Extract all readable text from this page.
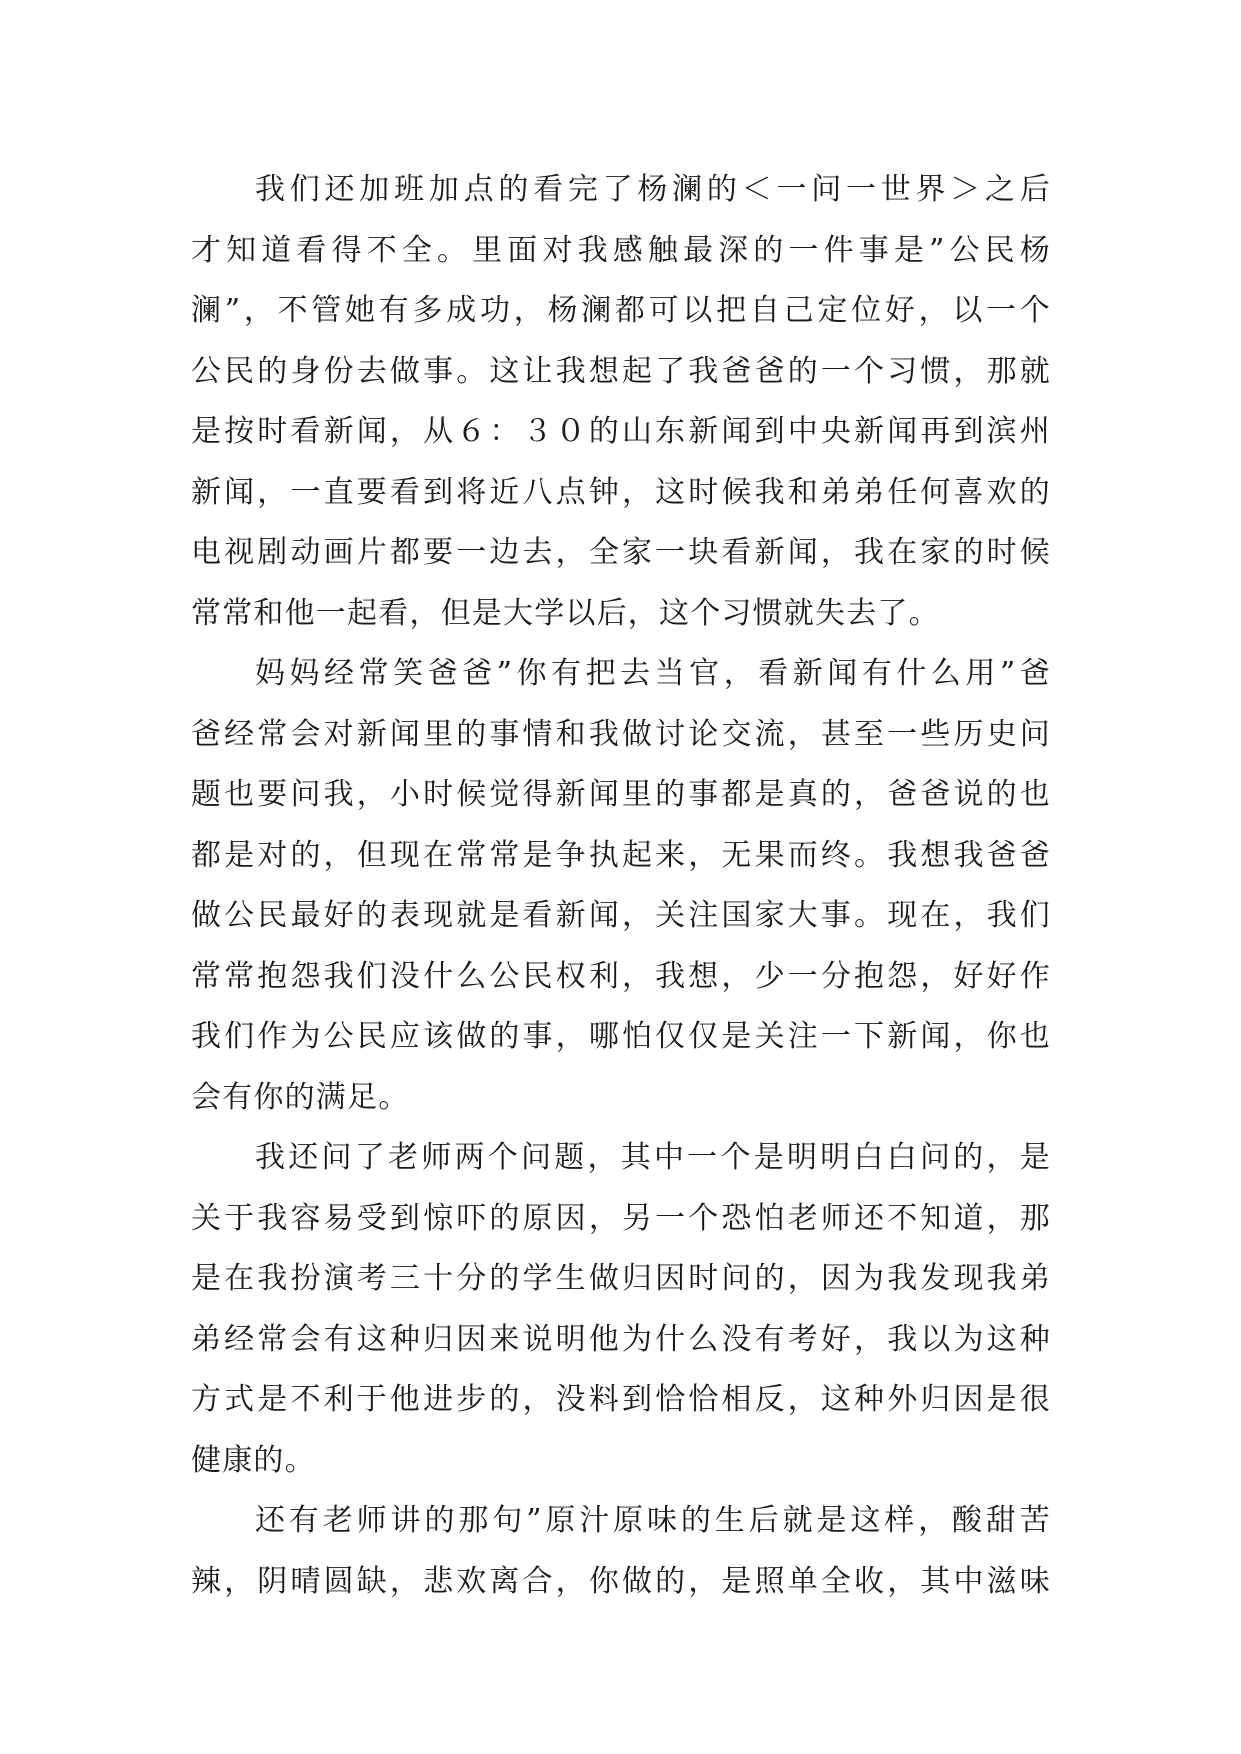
我们还加班加点的看完了杨澜的＜一问一世界＞之后
才知道看得不全。里面对我感触最深的一件事是”公民杨
澜”，不管她有多成功，杨澜都可以把自己定位好，以一个
公民的身份去做事。这让我想起了我爸爸的一个习惯，那就
是按时看新闻，从６：３０的山东新闻到中央新闻再到滨州
新闻，一直要看到将近八点钟，这时候我和弟弟任何喜欢的
电视剧动画片都要一边去，全家一块看新闻，我在家的时候
常常和他一起看，但是大学以后，这个习惯就失去了。
妈妈经常笑爸爸”你有把去当官，看新闻有什么用”爸
爸经常会对新闻里的事情和我做讨论交流，甚至一些历史问
题也要问我，小时候觉得新闻里的事都是真的，爸爸说的也
都是对的，但现在常常是争执起来，无果而终。我想我爸爸
做公民最好的表现就是看新闻，关注国家大事。现在，我们
常常抱怨我们没什么公民权利，我想，少一分抱怨，好好作
我们作为公民应该做的事，哪怕仅仅是关注一下新闻，你也
会有你的满足。
我还问了老师两个问题，其中一个是明明白白问的，是
关于我容易受到惊吓的原因，另一个恐怕老师还不知道，那
是在我扮演考三十分的学生做归因时问的，因为我发现我弟
弟经常会有这种归因来说明他为什么没有考好，我以为这种
方式是不利于他进步的，没料到恰恰相反，这种外归因是很
健康的。
还有老师讲的那句”原汁原味的生后就是这样，酸甜苦
辣，阴晴圆缺，悲欢离合，你做的，是照单全收，其中滋味
